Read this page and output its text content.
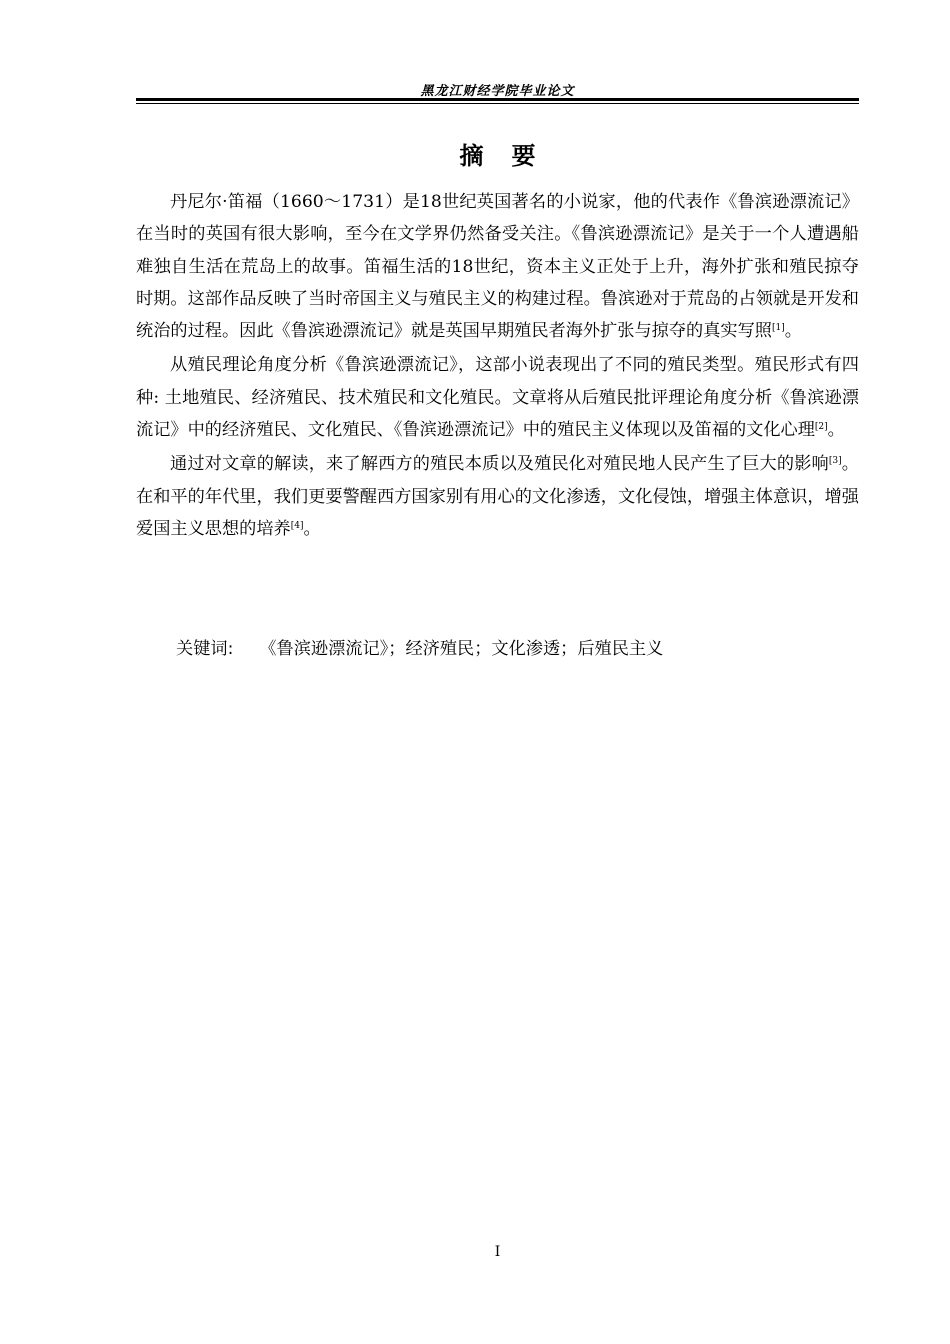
黑龙江财经学院毕业论文
摘要

丹尼尔·笛福（1660～1731）是18世纪英国著名的小说家，他的代表作《鲁滨逊漂流记》在当时的英国有很大影响，至今在文学界仍然备受关注。《鲁滨逊漂流记》是关于一个人遭遇船难独自生活在荒岛上的故事。笛福生活的18世纪，资本主义正处于上升，海外扩张和殖民掠夺时期。这部作品反映了当时帝国主义与殖民主义的构建过程。鲁滨逊对于荒岛的占领就是开发和统治的过程。因此《鲁滨逊漂流记》就是英国早期殖民者海外扩张与掠夺的真实写照[1]。

从殖民理论角度分析《鲁滨逊漂流记》，这部小说表现出了不同的殖民类型。殖民形式有四种: 土地殖民、经济殖民、技术殖民和文化殖民。文章将从后殖民批评理论角度分析《鲁滨逊漂流记》中的经济殖民、文化殖民、《鲁滨逊漂流记》中的殖民主义体现以及笛福的文化心理[2]。

通过对文章的解读，来了解西方的殖民本质以及殖民化对殖民地人民产生了巨大的影响[3]。在和平的年代里，我们更要警醒西方国家别有用心的文化渗透，文化侵蚀，增强主体意识，增强爱国主义思想的培养[4]。

关键词: 《鲁滨逊漂流记》；经济殖民；文化渗透；后殖民主义
I
